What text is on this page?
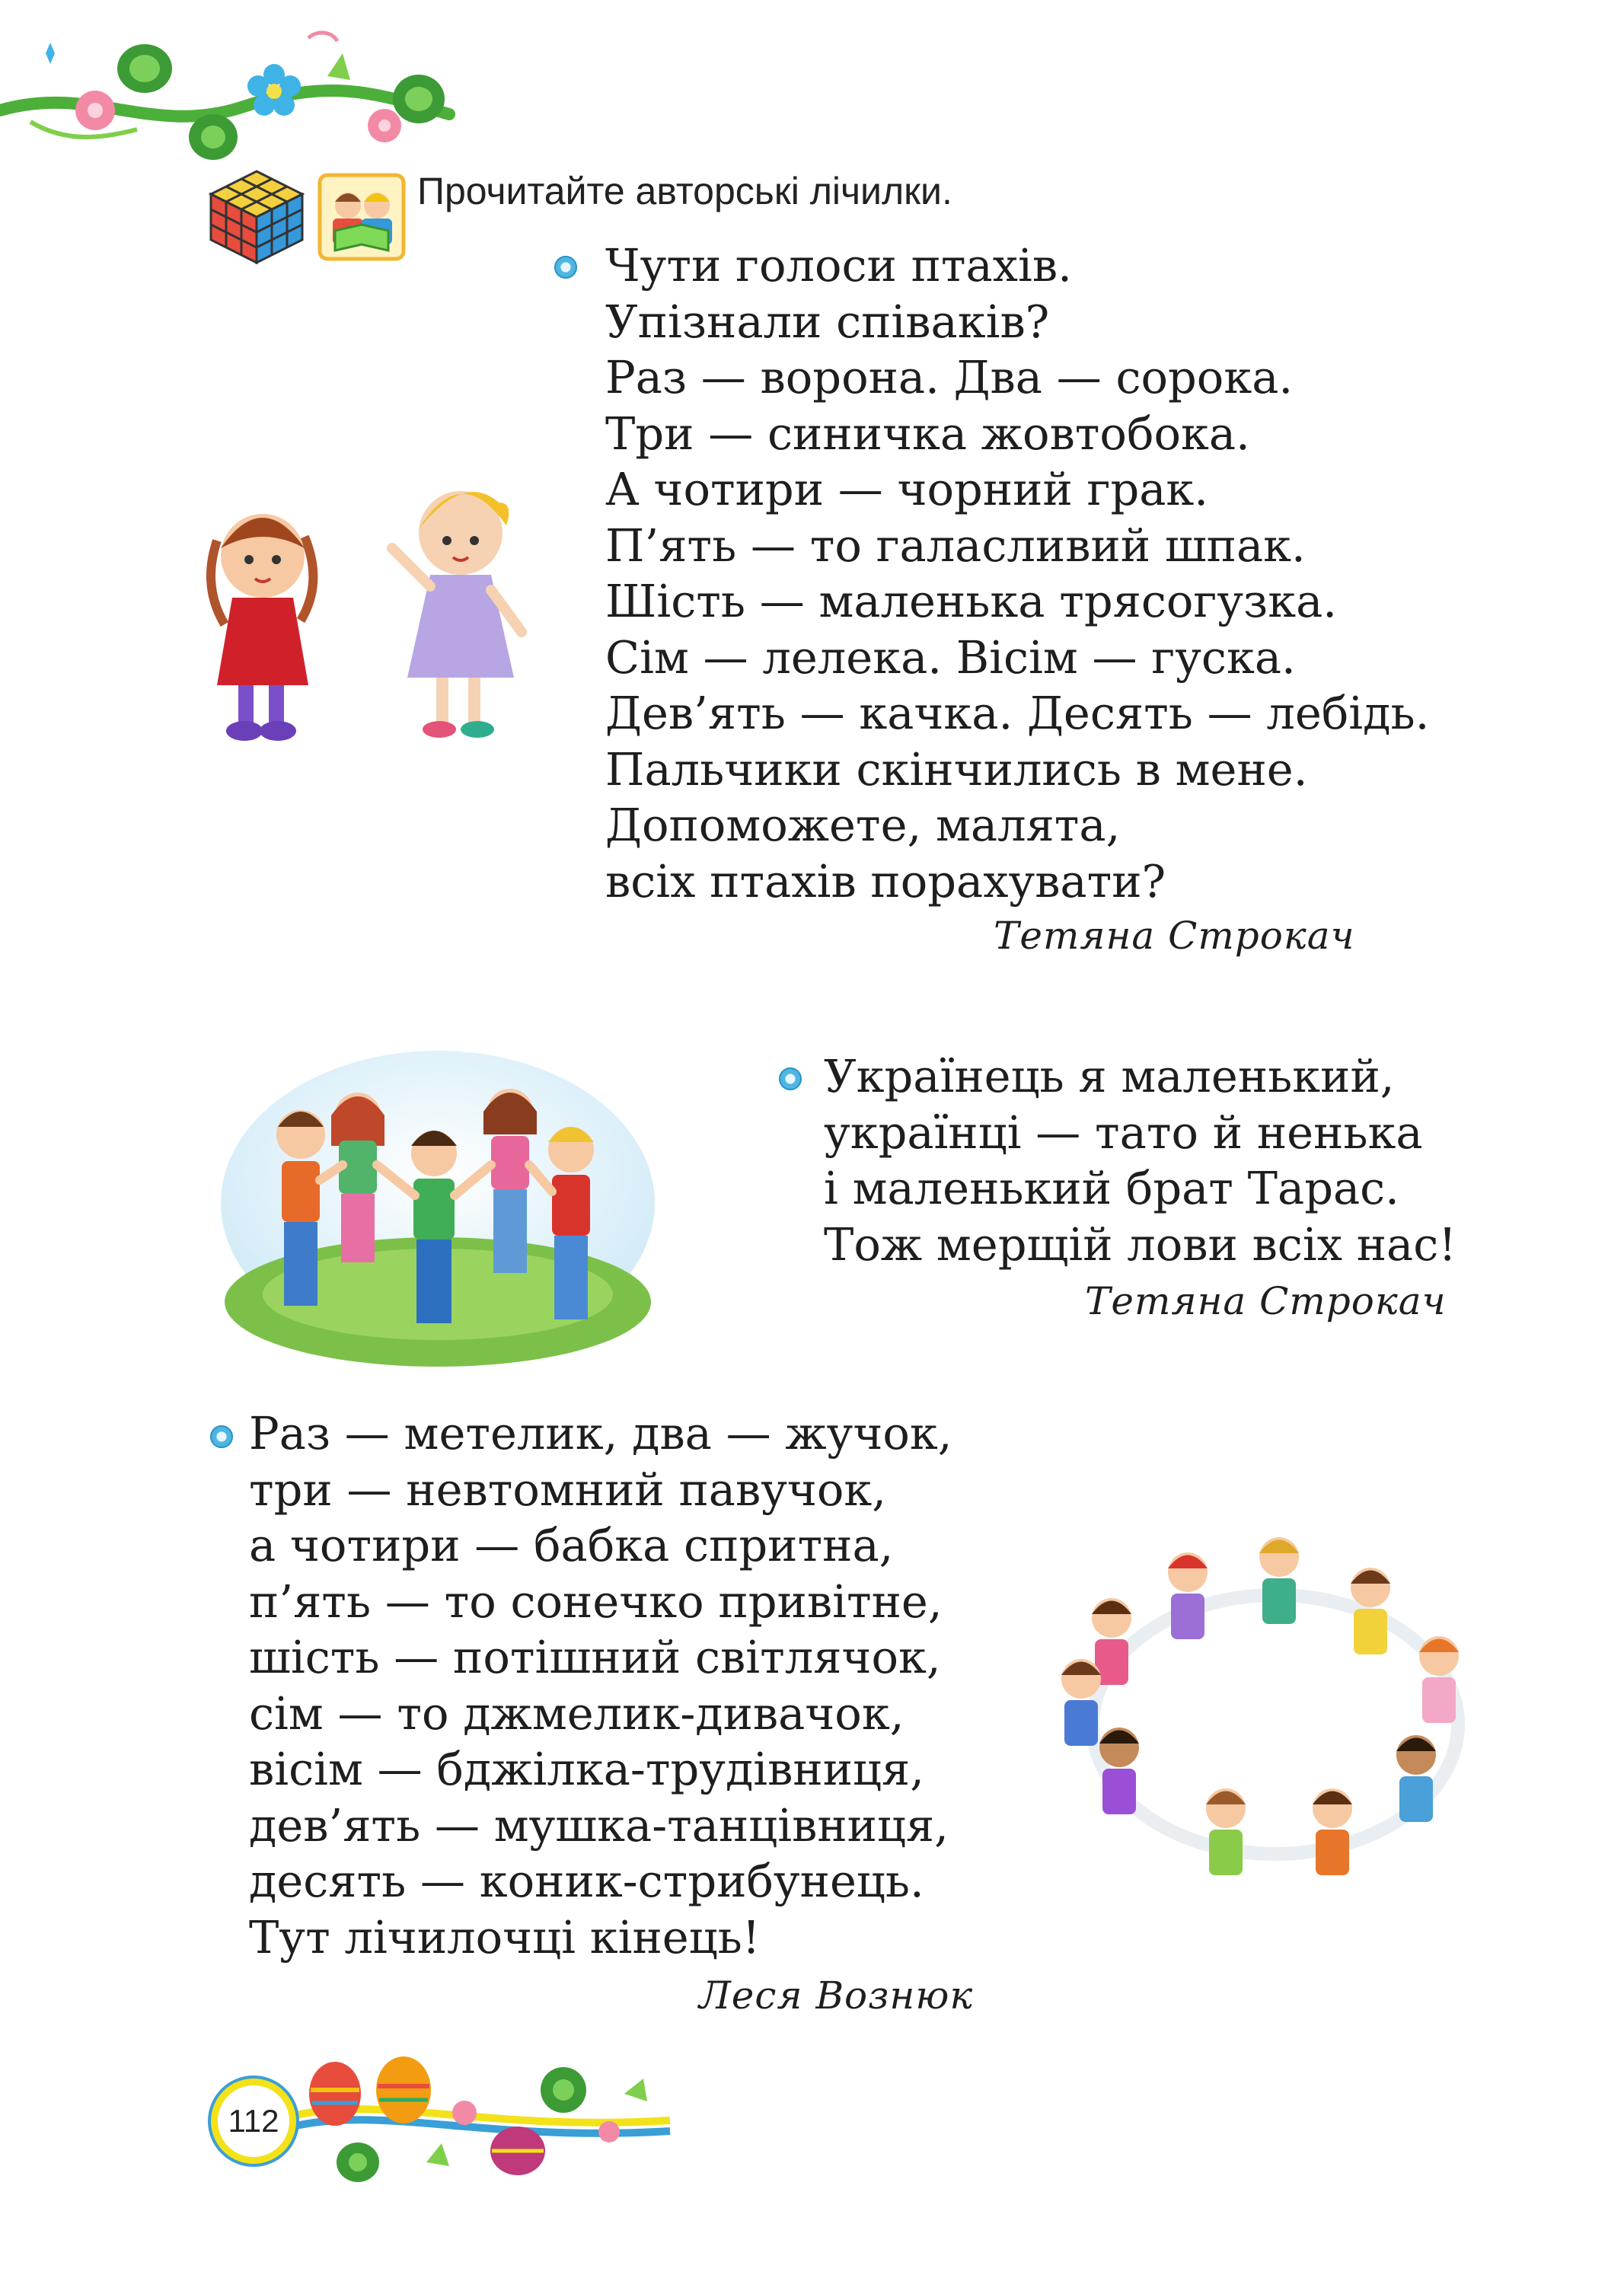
Прочитайте авторські лічилки.
Чути голоси птахів.
Упізнали співаків?
Раз — ворона. Два — сорока.
Три — синичка жовтобока.
А чотири — чорний грак.
П’ять — то галасливий шпак.
Шість — маленька трясогузка.
Сім — лелека. Вісім — гуска.
Дев’ять — качка. Десять — лебідь.
Пальчики скінчились в мене.
Допоможете, малята,
всіх птахів порахувати?
Тетяна Строкач
Українець я маленький,
українці — тато й ненька
і маленький брат Тарас.
Тож мерщій лови всіх нас!
Тетяна Строкач
Раз — метелик, два — жучок,
три — невтомний павучок,
а чотири — бабка спритна,
п’ять — то сонечко привітне,
шість — потішний світлячок,
сім — то джмелик-дивачок,
вісім — бджілка-трудівниця,
дев’ять — мушка-танцівниця,
десять — коник-стрибунець.
Тут лічилочці кінець!
Леся Вознюк
112
